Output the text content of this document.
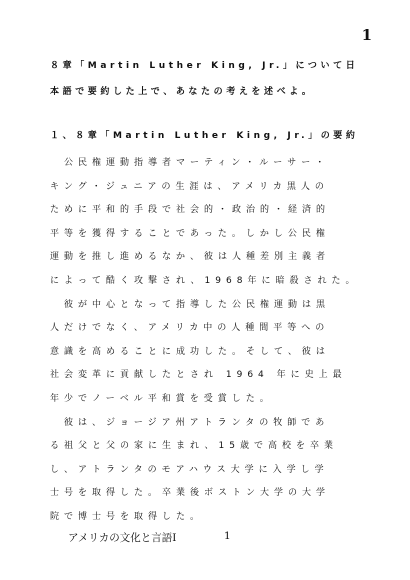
1

８章「Martin Luther King, Jr.」について日

本語で要約した上で、あなたの考えを述べよ。

１、８章「Martin Luther King, Jr.」の要約

　公民権運動指導者マーティン・ルーサー・

キング・ジュニアの生涯は、アメリカ黒人の

ために平和的手段で社会的・政治的・経済的

平等を獲得することであった。しかし公民権

運動を推し進めるなか、彼は人種差別主義者

によって酷く攻撃され、1968年に暗殺された。

　彼が中心となって指導した公民権運動は黒

人だけでなく、アメリカ中の人種間平等への

意識を高めることに成功した。そして、彼は

社会変革に貢献したとされ 1964 年に史上最

年少でノーベル平和賞を受賞した。

　彼は、ジョージア州アトランタの牧師であ

る祖父と父の家に生まれ、15歳で高校を卒業

し、アトランタのモアハウス大学に入学し学

士号を取得した。卒業後ボストン大学の大学

院で博士号を取得した。

アメリカの文化と言語Ⅰ	1
